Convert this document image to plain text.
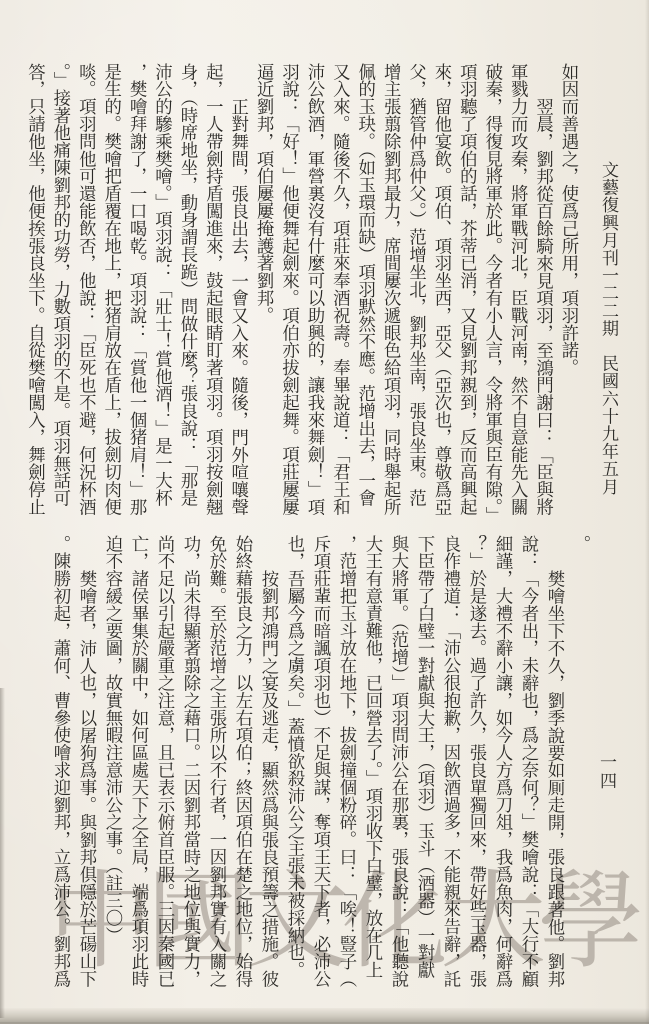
中國文化大學
文藝復興月刊一二二期　民國六十九年五月
一四

如因而善遇之，使爲己所用，項羽許諾。

翌晨，劉邦從百餘騎來見項羽，至鴻門謝曰：「臣與將軍戮力而攻秦，將軍戰河北，臣戰河南，然不自意能先入關破秦，得復見將軍於此。今者有小人言，令將軍與臣有隙。」項羽聽了項伯的話，芥蒂已消，又見劉邦親到，反而高興起來，留他宴飲。項伯、項羽坐西，亞父（亞次也，尊敬爲亞父，猶管仲爲仲父。）范增坐北，劉邦坐南，張良坐東。范增主張翦除劉邦最力，席間屢次遞眼色給項羽，同時舉起所佩的玉玦。（如玉環而缺）項羽默然不應。范增出去，一會又入來。隨後不久，項莊來奉酒祝壽。奉畢說道：「君王和沛公飲酒，軍營裏沒有什麼可以助興的，讓我來舞劍！」項羽說：「好！」他便舞起劍來。項伯亦拔劍起舞。項莊屢屢逼近劉邦，項伯屢屢掩護著劉邦。

正對舞間，張良出去，一會又入來。隨後，門外喧嚷聲起，一人帶劍持盾闖進來，鼓起眼睛盯著項羽。項羽按劍翹身，（時席地坐，動身謂長跪）問做什麼？張良說：「那是沛公的驂乘樊噲。」項羽說：「壯士！賞他酒！」是一大杯，樊噲拜謝了，一口喝乾。項羽說：「賞他一個猪肩！」那是生的。樊噲把盾覆在地上，把猪肩放在盾上，拔劍切肉便啖。項羽問他可還能飲否，他說：「臣死也不避，何況杯酒。」接著他痛陳劉邦的功勞，力數項羽的不是。項羽無話可答，只請他坐，他便挨張良坐下。自從樊噲闖入，舞劍停止

。

樊噲坐下不久，劉季說要如厠走開，張良跟著他。劉邦說：「今者出，未辭也，爲之奈何？」樊噲說：「大行不顧細謹，大禮不辭小讓，如今人方爲刀俎，我爲魚肉，何辭爲？」於是遂去。過了許久，張良單獨回來，帶好些玉器，張良作禮道：「沛公很抱歉，因飲酒過多，不能親來告辭，託下臣帶了白璧一對獻與大王，（項羽）玉斗（酒器）一對獻與大將軍。（范增）」項羽問沛公在那裏，張良說：「他聽說大王有意責難他，已回營去了。」項羽收下白璧，放在几上，范增把玉斗放在地下，拔劍撞個粉碎。曰：「唉！豎子（斥項莊輩而暗諷項羽也）不足與謀，奪項王天下者，必沛公也，吾屬今爲之虜矣。」蓋憤欲殺沛公之主張未被採納也。

按劉邦鴻門之宴及逃走，顯然爲與張良預籌之措施。彼始終藉張良之力，以左右項伯；終因項伯在楚之地位，始得免於難。至於范增之主張所以不行者，一因劉邦實有入關之功，尚未得顯著翦除之藉口。二因劉邦當時之地位與實力，尚不足以引起嚴重之注意，且已表示俯首臣服。三因秦國已亡，諸侯畢集於關中，如何區處天下之全局，端爲項羽此時迫不容緩之要圖，故實無暇注意沛公之事。（註三〇）

樊噲者，沛人也，以屠狗爲事。與劉邦俱隱於芒碭山下。陳勝初起，蕭何、曹參使噲求迎劉邦，立爲沛公。劉邦爲
